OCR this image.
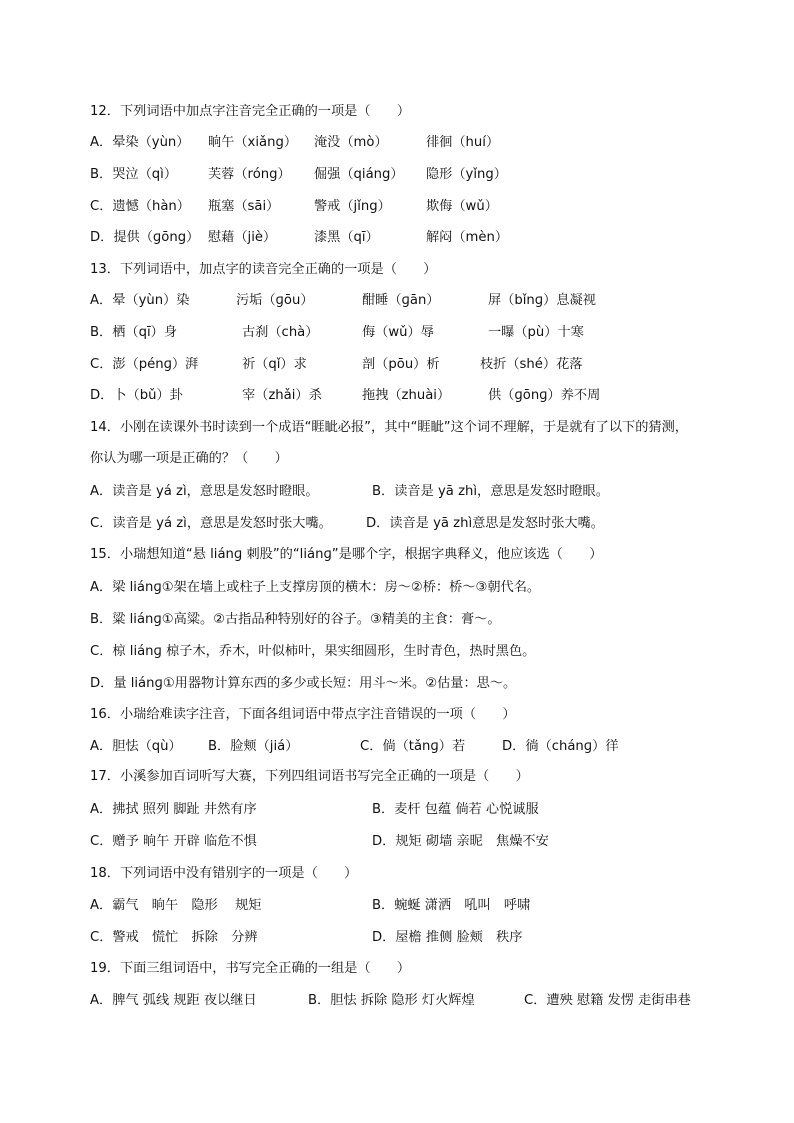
12．下列词语中加点字注音完全正确的一项是（　　）
A．晕染（yùn） 晌午（xiǎng） 淹没（mò）	徘徊（huí）
B．哭泣（qì） 芙蓉（róng） 倔强（qiáng） 隐形（yǐng）
C．遗憾（hàn） 瓶塞（sāi）	警戒（jǐng）	欺侮（wǔ）
D．提供（ɡōng） 慰藉（jiè）	漆黑（qī）	解闷（mèn）
13．下列词语中，加点字的读音完全正确的一项是（　　）
A．晕（yùn）染	污垢（ɡōu）	酣睡（ɡān）	屏（bǐnɡ）息凝视
B．栖（qī）身	古刹（chà）	侮（wǔ）辱	一曝（pù）十寒
C．澎（pénɡ）湃	祈（qǐ）求	剖（pōu）析	枝折（shé）花落
D．卜（bǔ）卦	宰（zhǎi）杀	拖拽（zhuài）	供（ɡōnɡ）养不周
14．小刚在读课外书时读到一个成语“睚眦必报”，其中“睚眦”这个词不理解，于是就有了以下的猜测，
你认为哪一项是正确的？（　　）
A．读音是 yá zì，意思是发怒时瞪眼。	B．读音是 yā zhì，意思是发怒时瞪眼。
C．读音是 yá zì，意思是发怒时张大嘴。	D．读音是 yā zhì意思是发怒时张大嘴。
15．小瑞想知道“悬 liánɡ 刺股”的“liánɡ”是哪个字，根据字典释义，他应该选（　　）
A．梁 liánɡ①架在墙上或柱子上支撑房顶的横木：房～②桥：桥～③朝代名。
B．粱 liánɡ①高粱。②古指品种特别好的谷子。③精美的主食：膏～。
C．椋 liánɡ 椋子木，乔木，叶似柿叶，果实细圆形，生时青色，热时黑色。
D．量 liánɡ①用器物计算东西的多少或长短：用斗～米。②估量：思～。
16．小瑞给难读字注音，下面各组词语中带点字注音错误的一项（　　）
A．胆怯（qù） B．脸颊（jiá）	C．倘（tǎnɡ）若	D．徜（chánɡ）徉
17．小溪参加百词听写大赛，下列四组词语书写完全正确的一项是（　　）
A．拂拭 照列 脚趾 井然有序	B．麦杆 包蕴 倘若 心悦诚服
C．赠予 晌午 开辟 临危不惧	D．规矩 砌墙 亲昵　焦燥不安
18．下列词语中没有错别字的一项是（　　）
A．霸气　晌午　隐形　 规矩	B．蜿蜒 潇洒　吼叫　呼啸
C．警戒　慌忙　拆除　分辨	D．屋檐 推侧 脸颊　秩序
19．下面三组词语中，书写完全正确的一组是（　　）
A．脾气 弧线 规距 夜以继日	B．胆怯 拆除 隐形 灯火辉煌	C．遭殃 慰籍 发愣 走街串巷
